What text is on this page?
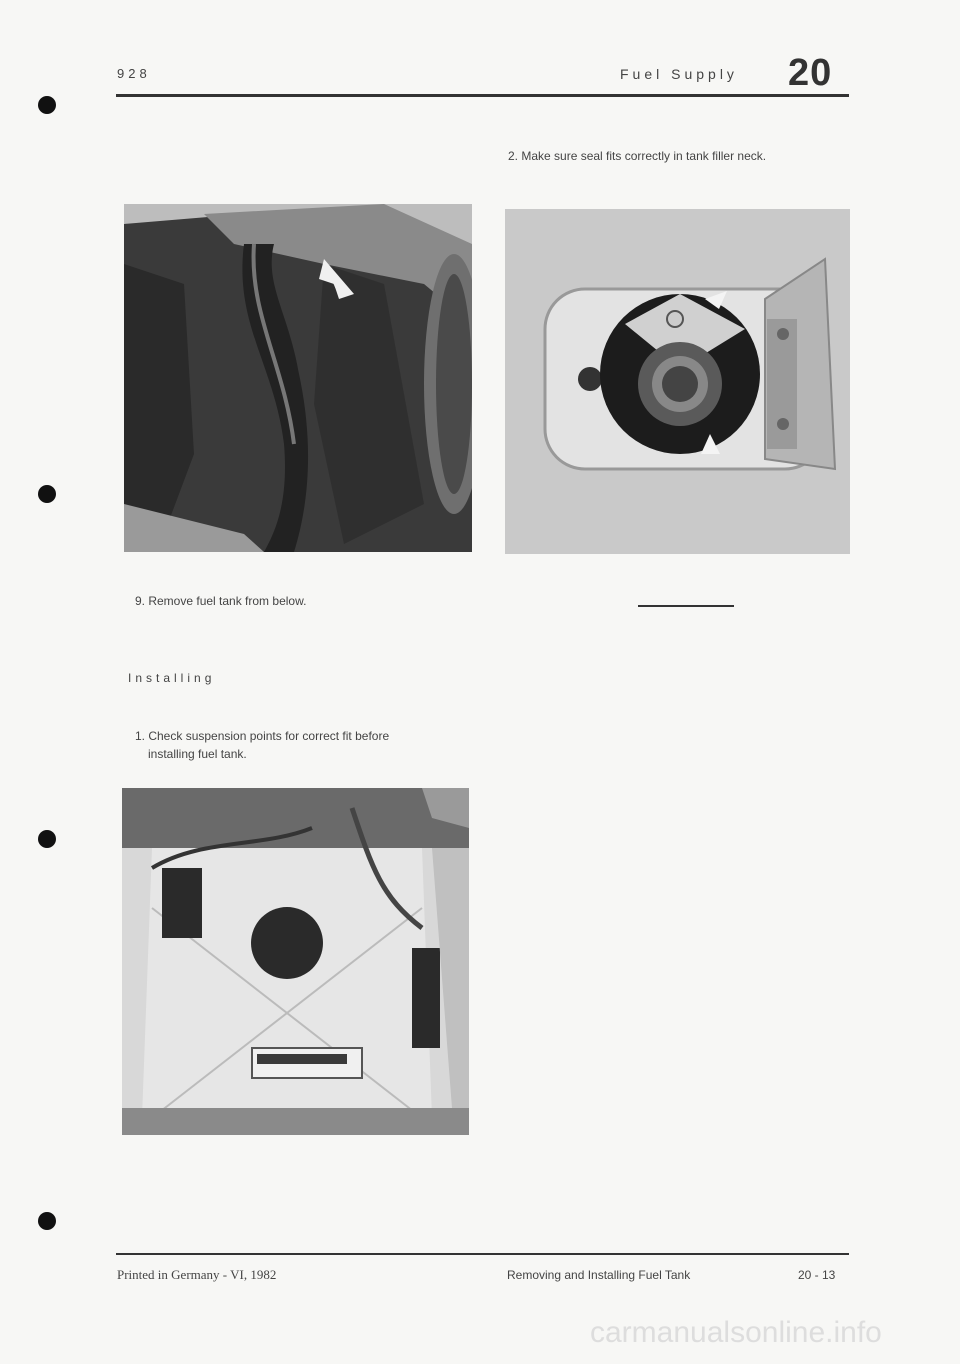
928	Fuel Supply 20
2. Make sure seal fits correctly in tank filler neck.
9. Remove fuel tank from below.
Installing
1. Check suspension points for correct fit before
installing fuel tank.
Printed in Germany - VI, 1982	Removing and Installing Fuel Tank	20 - 13
carmanualsonline.info
